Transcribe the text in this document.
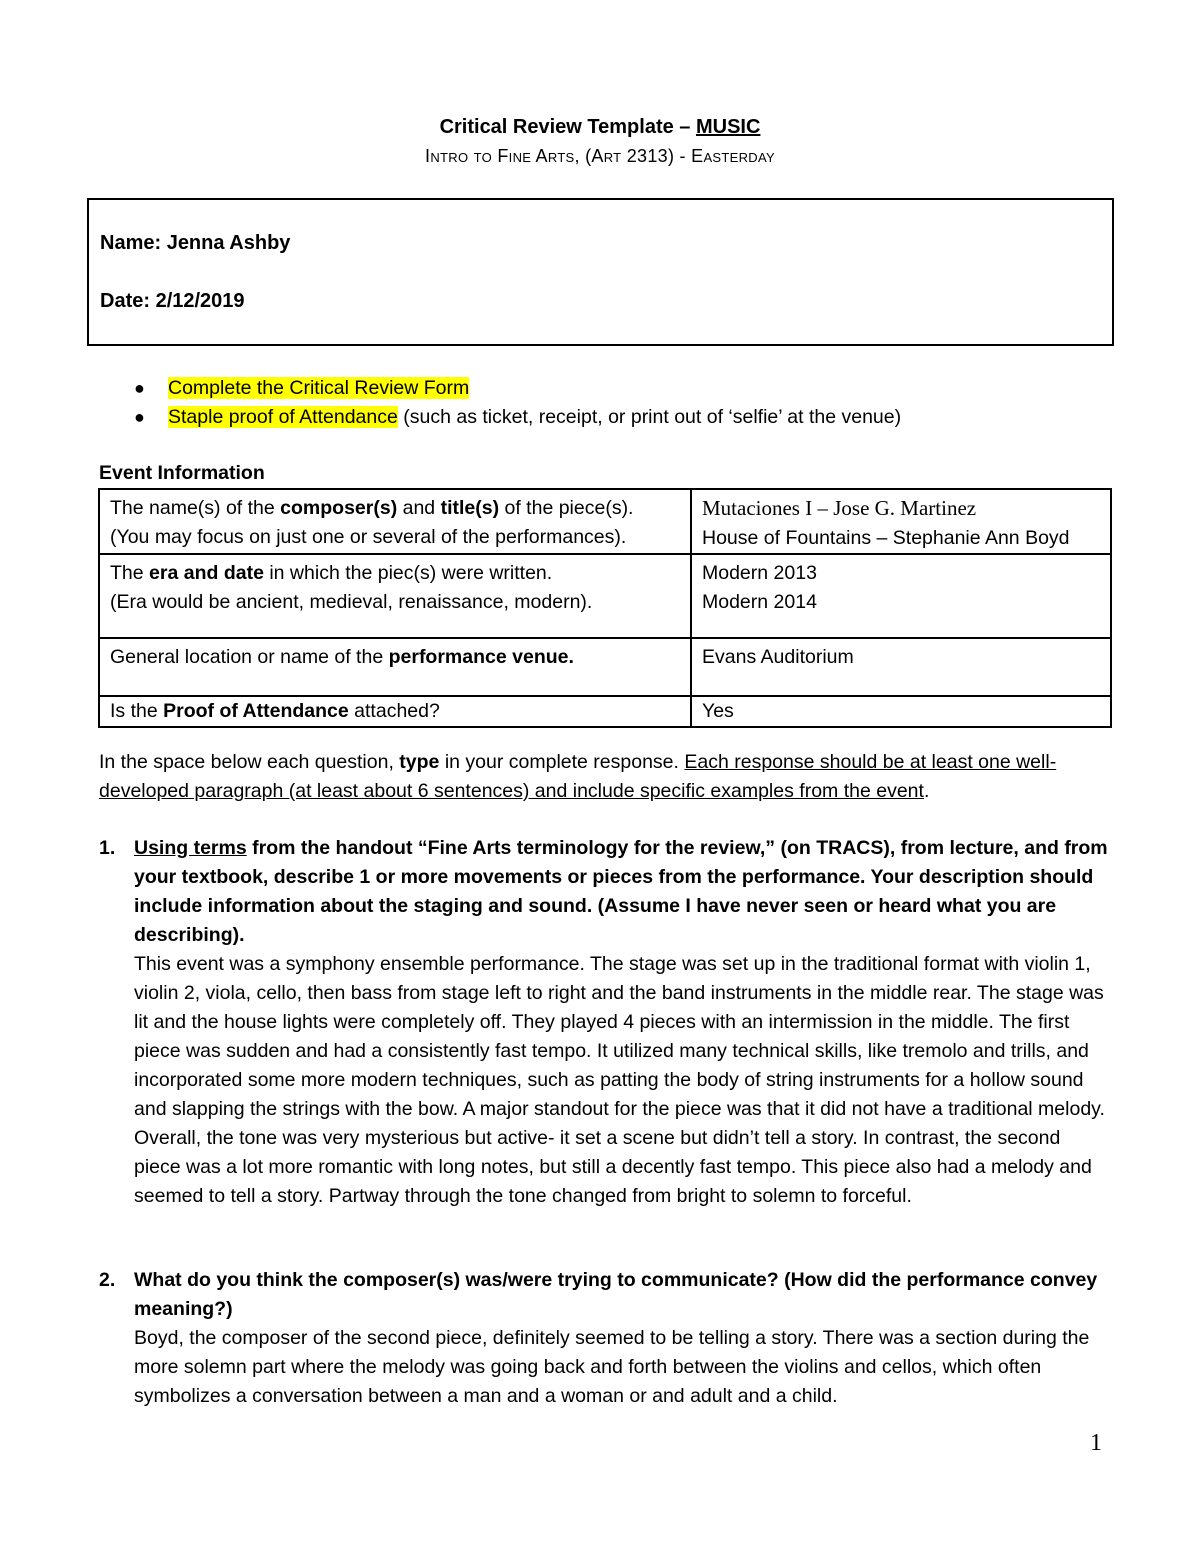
Critical Review Template – MUSIC
Intro to Fine Arts, (Art 2313) - Easterday
Name: Jenna Ashby
Date: 2/12/2019
● Complete the Critical Review Form
● Staple proof of Attendance (such as ticket, receipt, or print out of ‘selfie’ at the venue)
Event Information
The name(s) of the composer(s) and title(s) of the piece(s).
(You may focus on just one or several of the performances).	Mutaciones I – Jose G. Martinez
House of Fountains – Stephanie Ann Boyd
The era and date in which the piec(s) were written.
(Era would be ancient, medieval, renaissance, modern).	Modern 2013
Modern 2014
General location or name of the performance venue.	Evans Auditorium
Is the Proof of Attendance attached?	Yes
In the space below each question, type in your complete response. Each response should be at least one well-developed paragraph (at least about 6 sentences) and include specific examples from the event.
1. Using terms from the handout “Fine Arts terminology for the review,” (on TRACS), from lecture, and from your textbook, describe 1 or more movements or pieces from the performance. Your description should include information about the staging and sound. (Assume I have never seen or heard what you are describing).
This event was a symphony ensemble performance. The stage was set up in the traditional format with violin 1, violin 2, viola, cello, then bass from stage left to right and the band instruments in the middle rear. The stage was lit and the house lights were completely off. They played 4 pieces with an intermission in the middle. The first piece was sudden and had a consistently fast tempo. It utilized many technical skills, like tremolo and trills, and incorporated some more modern techniques, such as patting the body of string instruments for a hollow sound and slapping the strings with the bow. A major standout for the piece was that it did not have a traditional melody. Overall, the tone was very mysterious but active- it set a scene but didn’t tell a story. In contrast, the second piece was a lot more romantic with long notes, but still a decently fast tempo. This piece also had a melody and seemed to tell a story. Partway through the tone changed from bright to solemn to forceful.
2. What do you think the composer(s) was/were trying to communicate? (How did the performance convey meaning?)
Boyd, the composer of the second piece, definitely seemed to be telling a story. There was a section during the more solemn part where the melody was going back and forth between the violins and cellos, which often symbolizes a conversation between a man and a woman or and adult and a child.
1
